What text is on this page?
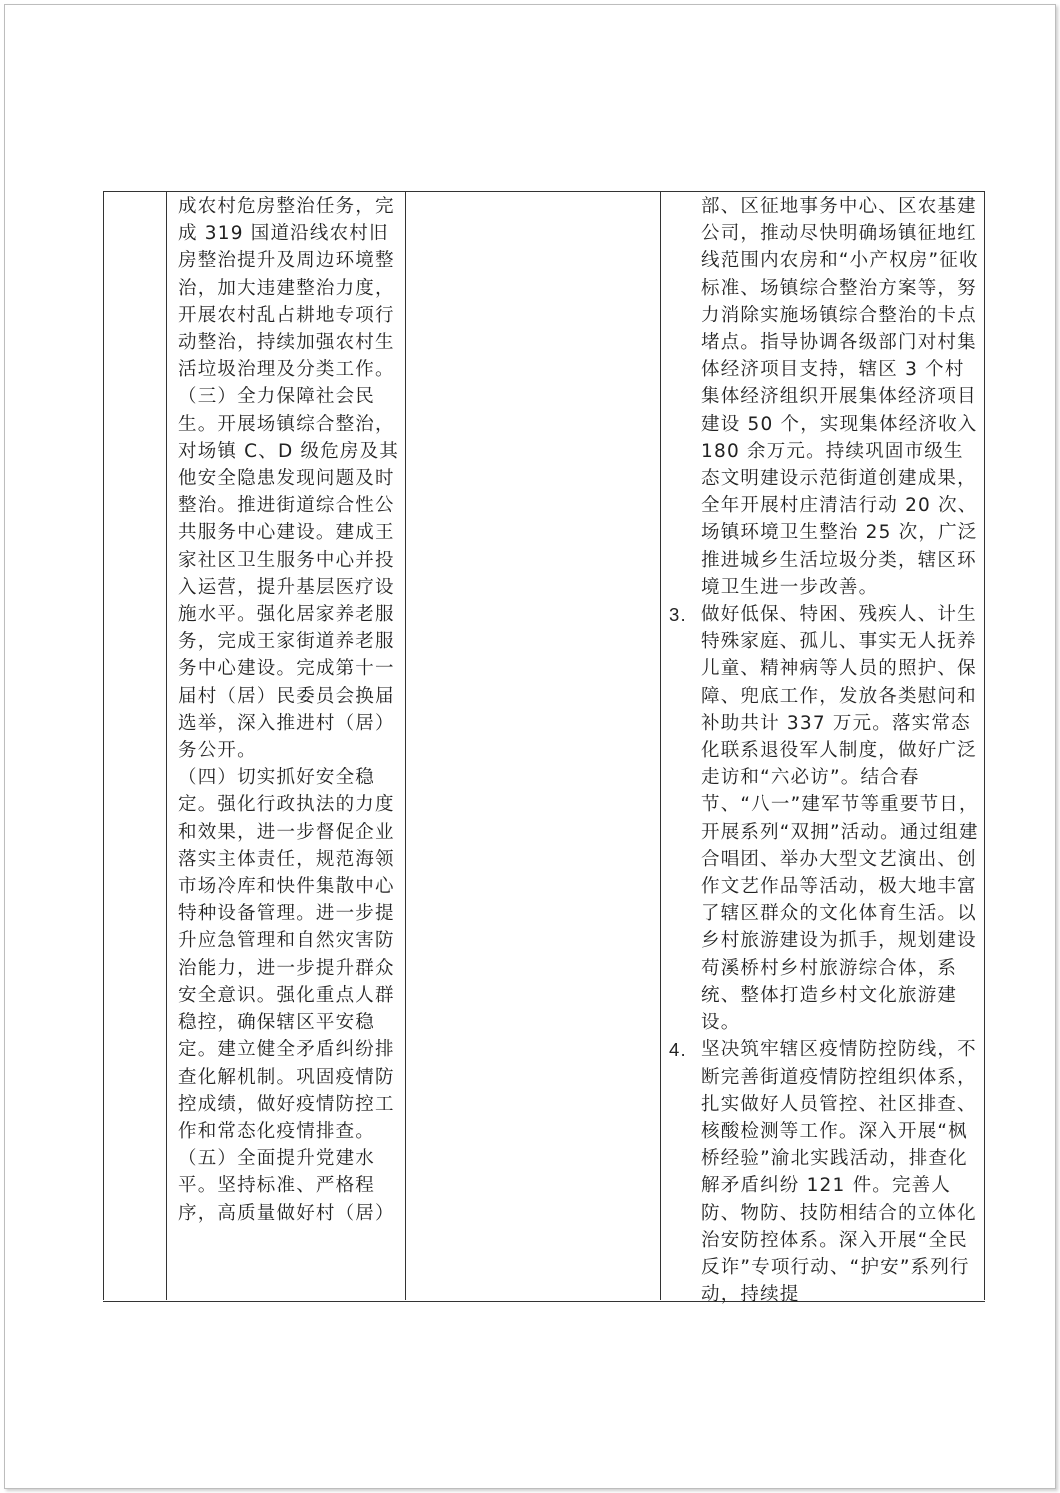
成农村危房整治任务，完成 319 国道沿线农村旧房整治提升及周边环境整治，加大违建整治力度，开展农村乱占耕地专项行动整治，持续加强农村生活垃圾治理及分类工作。
（三）全力保障社会民生。开展场镇综合整治，对场镇 C、D 级危房及其他安全隐患发现问题及时整治。推进街道综合性公共服务中心建设。建成王家社区卫生服务中心并投入运营，提升基层医疗设施水平。强化居家养老服务，完成王家街道养老服务中心建设。完成第十一届村（居）民委员会换届选举，深入推进村（居）务公开。
（四）切实抓好安全稳定。强化行政执法的力度和效果，进一步督促企业落实主体责任，规范海领市场冷库和快件集散中心特种设备管理。进一步提升应急管理和自然灾害防治能力，进一步提升群众安全意识。强化重点人群稳控，确保辖区平安稳定。建立健全矛盾纠纷排查化解机制。巩固疫情防控成绩，做好疫情防控工作和常态化疫情排查。
（五）全面提升党建水平。坚持标准、严格程序，高质量做好村（居）
部、区征地事务中心、区农基建公司，推动尽快明确场镇征地红线范围内农房和“小产权房”征收标准、场镇综合整治方案等，努力消除实施场镇综合整治的卡点堵点。指导协调各级部门对村集体经济项目支持，辖区 3 个村集体经济组织开展集体经济项目建设 50 个，实现集体经济收入 180 余万元。持续巩固市级生态文明建设示范街道创建成果，全年开展村庄清洁行动 20 次、场镇环境卫生整治 25 次，广泛推进城乡生活垃圾分类，辖区环境卫生进一步改善。
3. 做好低保、特困、残疾人、计生特殊家庭、孤儿、事实无人抚养儿童、精神病等人员的照护、保障、兜底工作，发放各类慰问和补助共计 337 万元。落实常态化联系退役军人制度，做好广泛走访和“六必访”。结合春节、“八一”建军节等重要节日，开展系列“双拥”活动。通过组建合唱团、举办大型文艺演出、创作文艺作品等活动，极大地丰富了辖区群众的文化体育生活。以乡村旅游建设为抓手，规划建设苟溪桥村乡村旅游综合体，系统、整体打造乡村文化旅游建设。
4. 坚决筑牢辖区疫情防控防线，不断完善街道疫情防控组织体系，扎实做好人员管控、社区排查、核酸检测等工作。深入开展“枫桥经验”渝北实践活动，排查化解矛盾纠纷 121 件。完善人防、物防、技防相结合的立体化治安防控体系。深入开展“全民反诈”专项行动、“护安”系列行动，持续提
